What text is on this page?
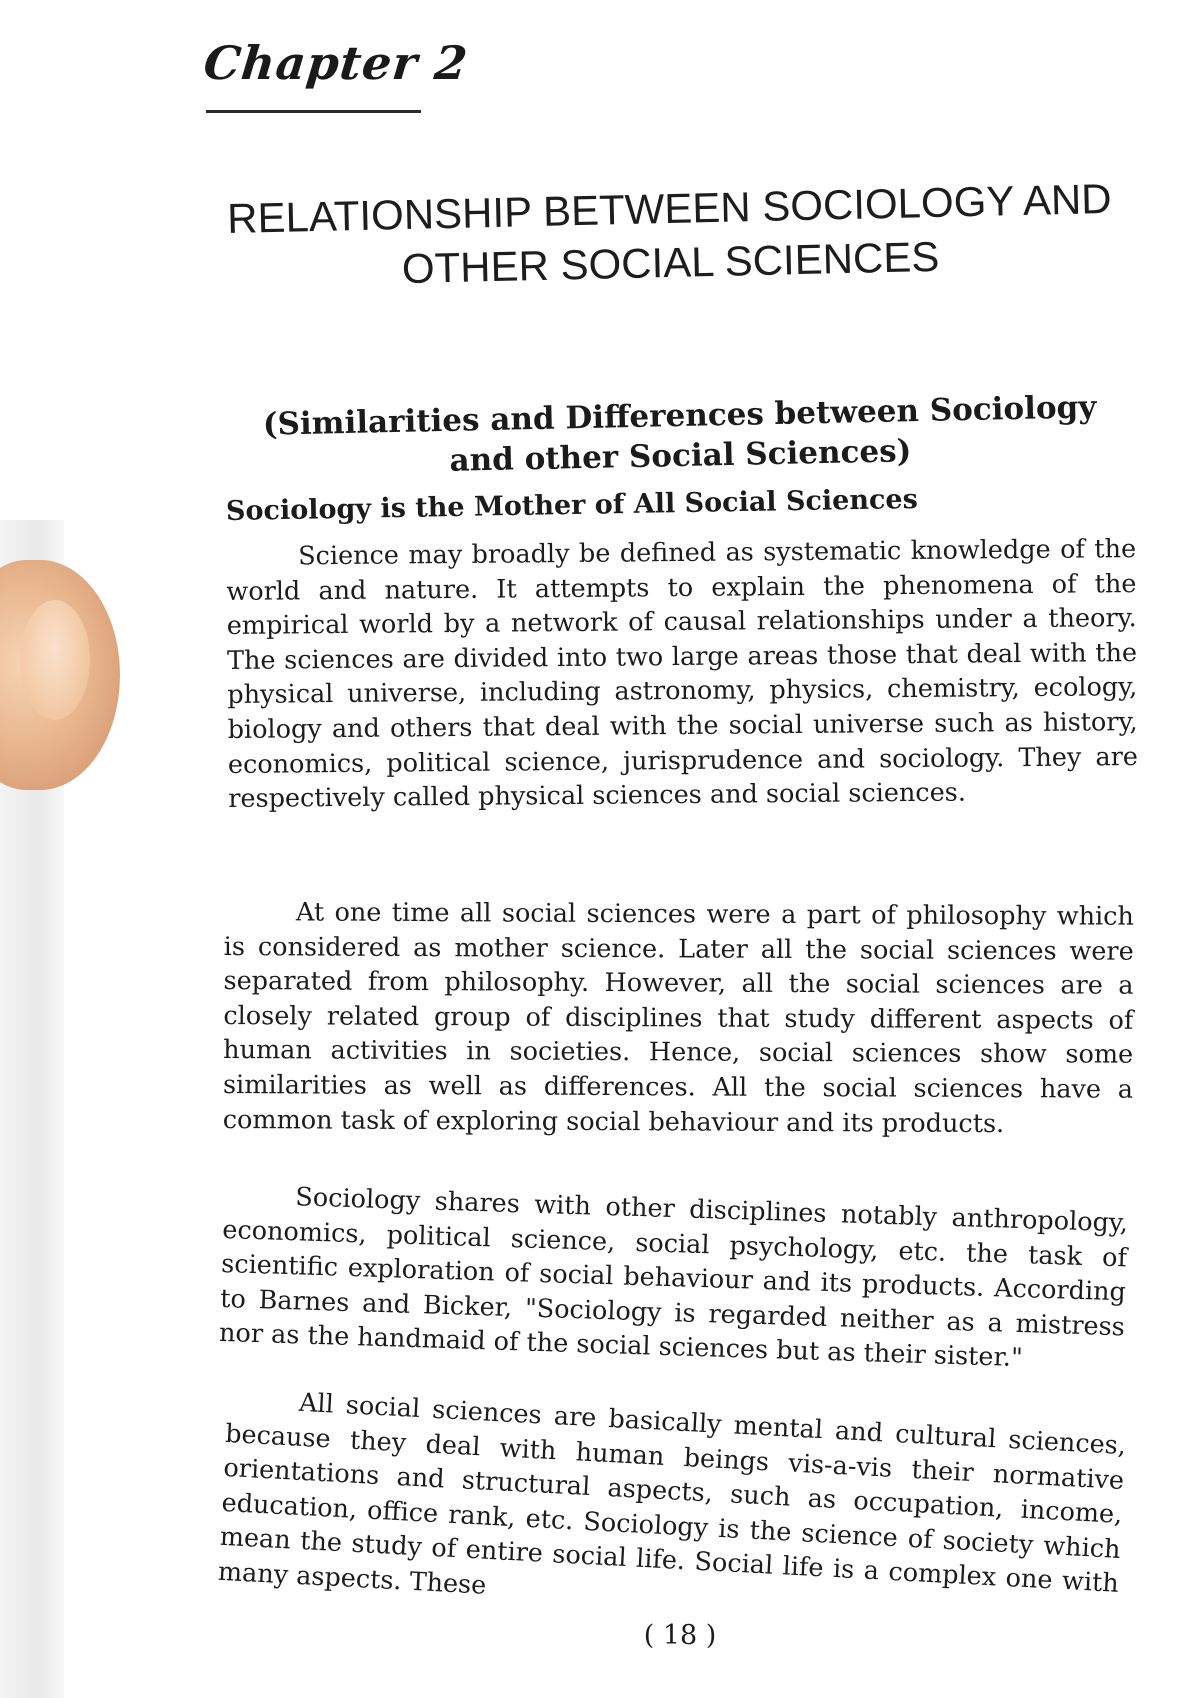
Chapter 2
RELATIONSHIP BETWEEN SOCIOLOGY AND
OTHER SOCIAL SCIENCES
(Similarities and Differences between Sociology
and other Social Sciences)
Sociology is the Mother of All Social Sciences

Science may broadly be defined as systematic knowledge of the world and nature. It attempts to explain the phenomena of the empirical world by a network of causal relationships under a theory. The sciences are divided into two large areas those that deal with the physical universe, including astronomy, physics, chemistry, ecology, biology and others that deal with the social universe such as history, economics, political science, jurisprudence and sociology. They are respectively called physical sciences and social sciences.

At one time all social sciences were a part of philosophy which is considered as mother science. Later all the social sciences were separated from philosophy. However, all the social sciences are a closely related group of disciplines that study different aspects of human activities in societies. Hence, social sciences show some similarities as well as differences. All the social sciences have a common task of exploring social behaviour and its products.

Sociology shares with other disciplines notably anthropology, economics, political science, social psychology, etc. the task of scientific exploration of social behaviour and its products. According to Barnes and Bicker, "Sociology is regarded neither as a mistress nor as the handmaid of the social sciences but as their sister."

All social sciences are basically mental and cultural sciences, because they deal with human beings vis-a-vis their normative orientations and structural aspects, such as occupation, income, education, office rank, etc. Sociology is the science of society which mean the study of entire social life. Social life is a complex one with many aspects. These

( 18 )
